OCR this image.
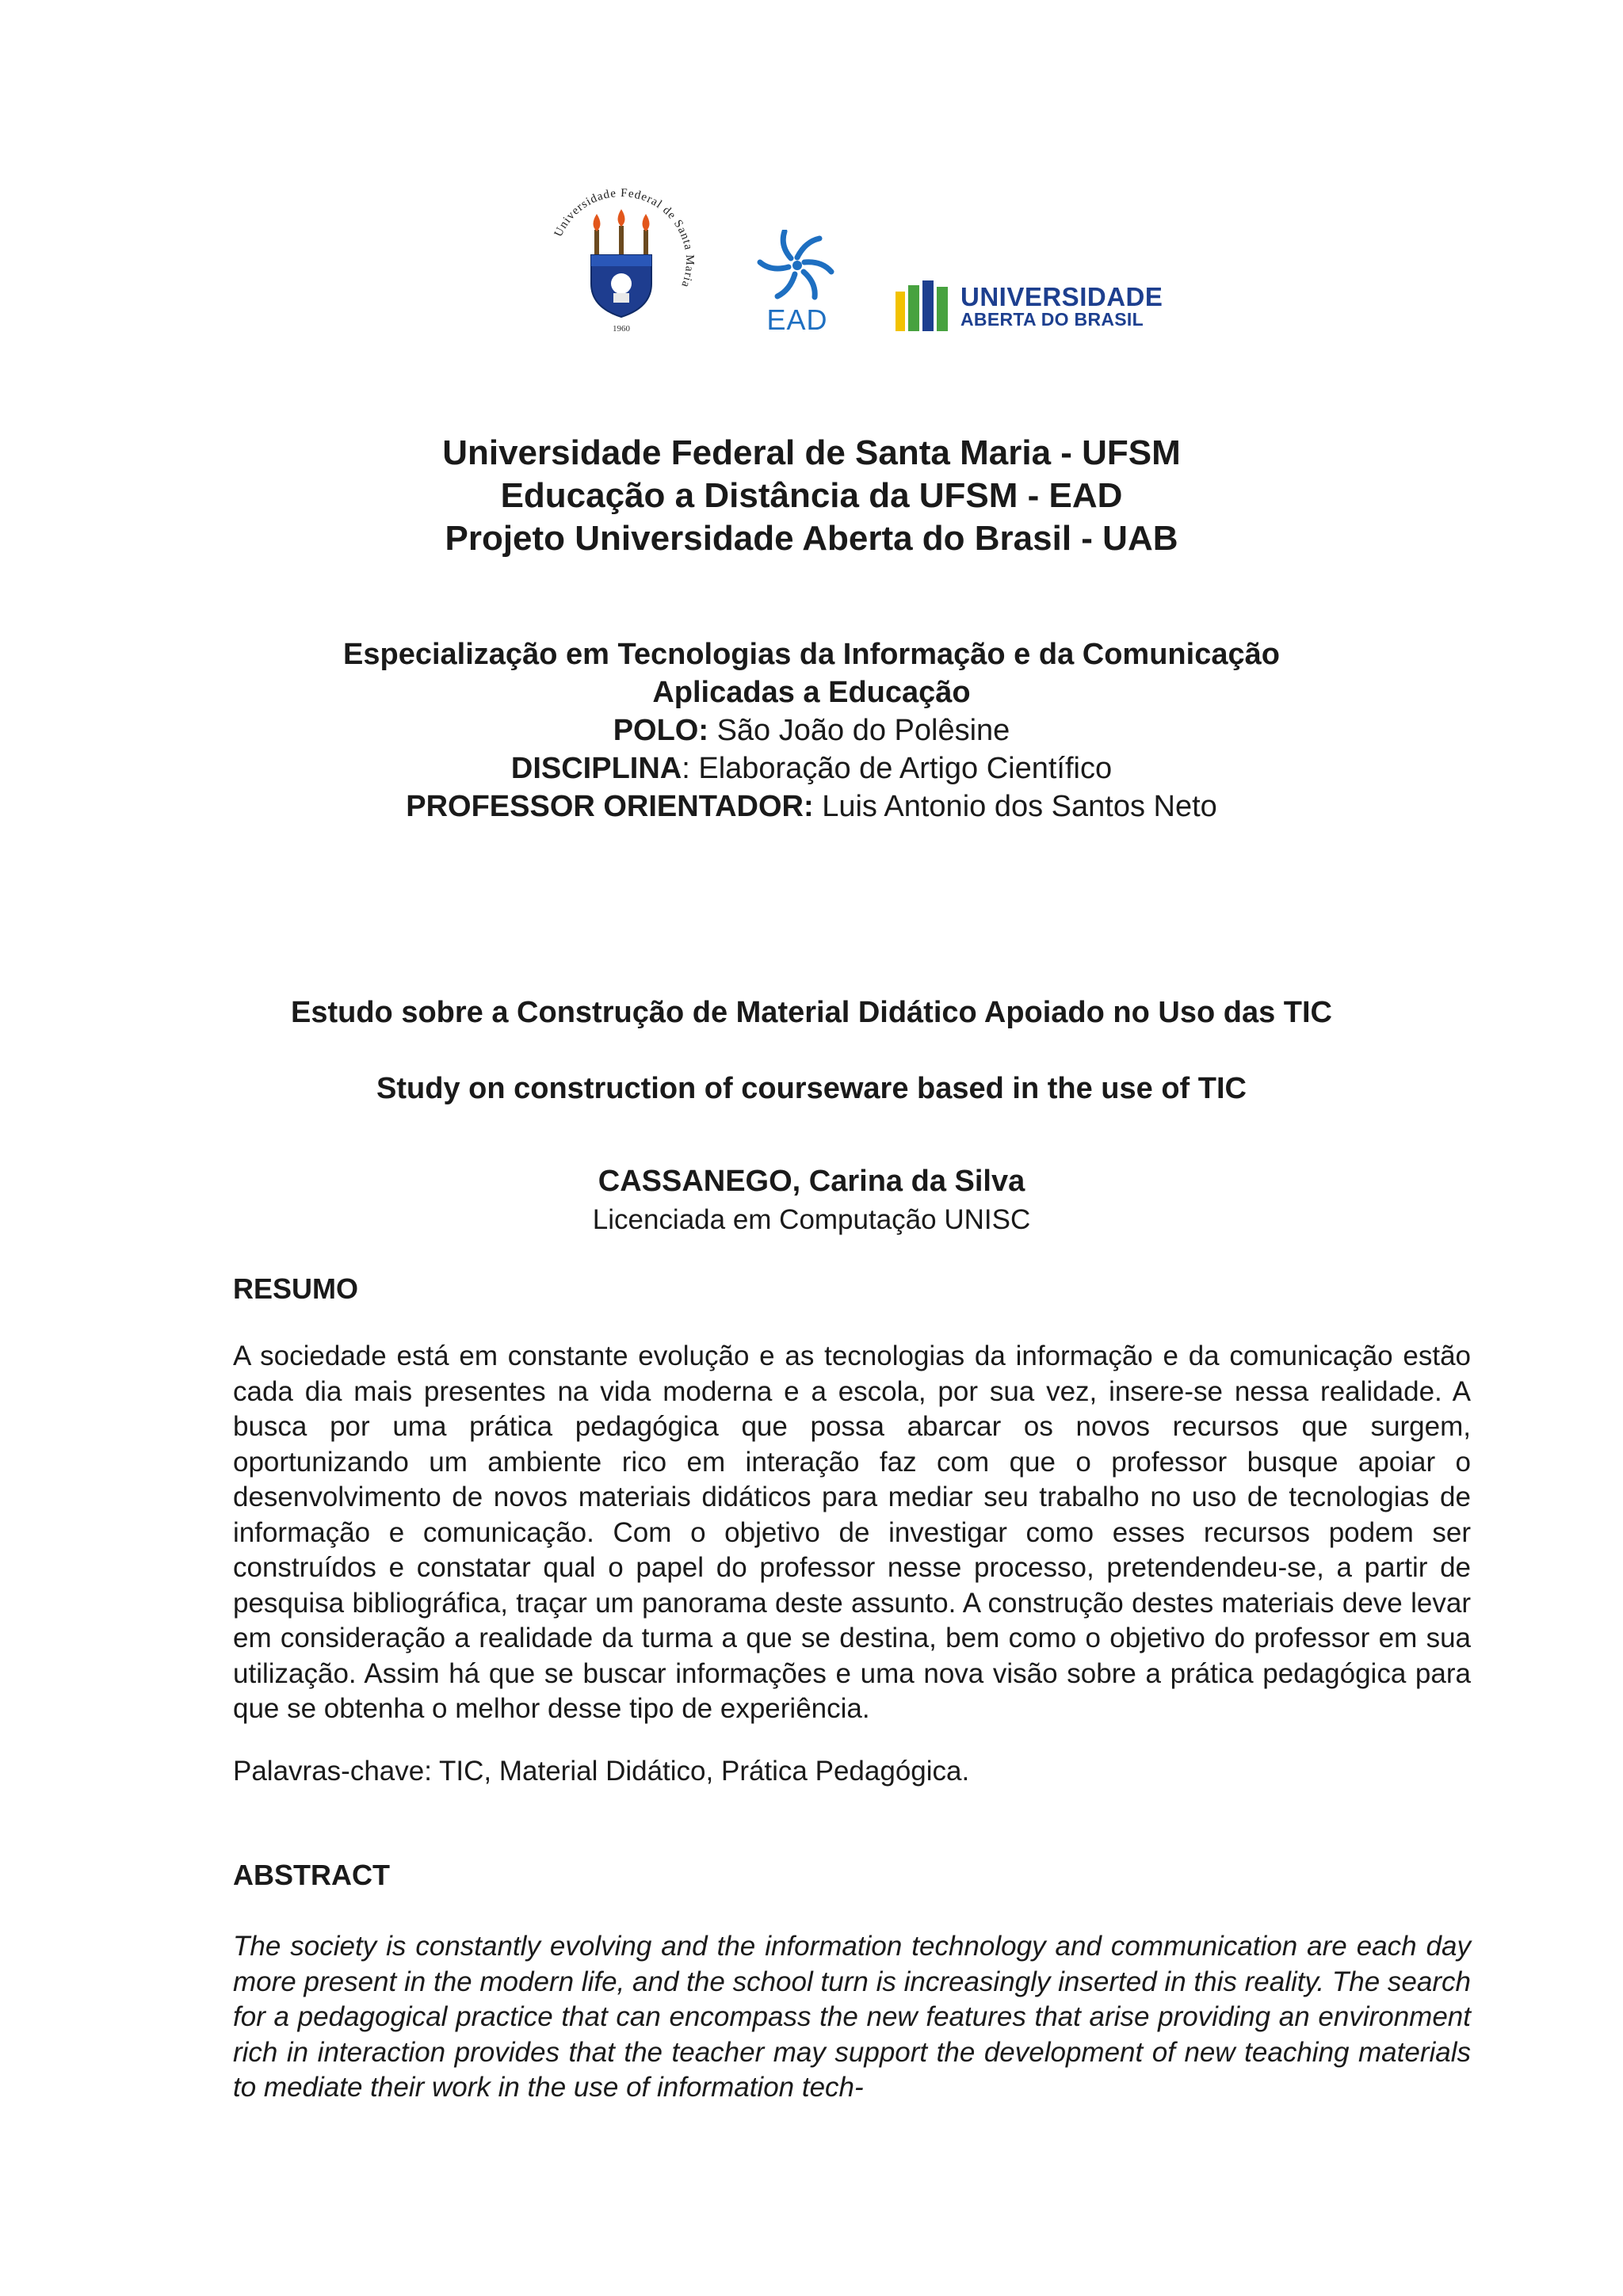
Universidade Federal de Santa Maria
1960	EAD
UNIVERSIDADE
ABERTA DO BRASIL
Universidade Federal de Santa Maria - UFSM
Educação a Distância da UFSM - EAD
Projeto Universidade Aberta do Brasil - UAB
Especialização em Tecnologias da Informação e da Comunicação
Aplicadas a Educação
POLO: São João do Polêsine
DISCIPLINA: Elaboração de Artigo Científico
PROFESSOR ORIENTADOR: Luis Antonio dos Santos Neto
Estudo sobre a Construção de Material Didático Apoiado no Uso das TIC
Study on construction of courseware based in the use of TIC
CASSANEGO, Carina da Silva
Licenciada em Computação UNISC
RESUMO
A sociedade está em constante evolução e as tecnologias da informação e da comunicação estão cada dia mais presentes na vida moderna e a escola, por sua vez, insere-se nessa realidade. A busca por uma prática pedagógica que possa abarcar os novos recursos que surgem, oportunizando um ambiente rico em interação faz com que o professor busque apoiar o desenvolvimento de novos materiais didáticos para mediar seu trabalho no uso de tecnologias de informação e comunicação. Com o objetivo de investigar como esses recursos podem ser construídos e constatar qual o papel do professor nesse processo, pretendendeu-se, a partir de pesquisa bibliográfica, traçar um panorama deste assunto. A construção destes materiais deve levar em consideração a realidade da turma a que se destina, bem como o objetivo do professor em sua utilização. Assim há que se buscar informações e uma nova visão sobre a prática pedagógica para que se obtenha o melhor desse tipo de experiência.
Palavras-chave: TIC, Material Didático, Prática Pedagógica.
ABSTRACT
The society is constantly evolving and the information technology and communication are each day more present in the modern life, and the school turn is increasingly inserted in this reality. The search for a pedagogical practice that can encompass the new features that arise providing an environment rich in interaction provides that the teacher may support the development of new teaching materials to mediate their work in the use of information tech-
